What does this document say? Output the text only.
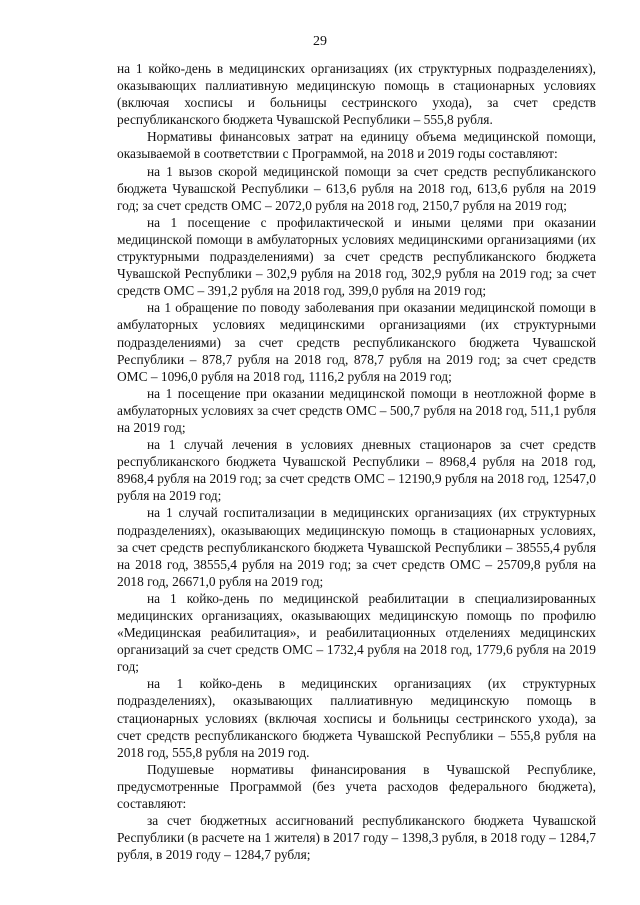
29

на 1 койко-день в медицинских организациях (их структурных подразделениях), оказывающих паллиативную медицинскую помощь в стационарных условиях (включая хосписы и больницы сестринского ухода), за счет средств республиканского бюджета Чувашской Республики – 555,8 рубля.

Нормативы финансовых затрат на единицу объема медицинской помощи, оказываемой в соответствии с Программой, на 2018 и 2019 годы составляют:

на 1 вызов скорой медицинской помощи за счет средств республиканского бюджета Чувашской Республики – 613,6 рубля на 2018 год, 613,6 рубля на 2019 год; за счет средств ОМС – 2072,0 рубля на 2018 год, 2150,7 рубля на 2019 год;

на 1 посещение с профилактической и иными целями при оказании медицинской помощи в амбулаторных условиях медицинскими организациями (их структурными подразделениями) за счет средств республиканского бюджета Чувашской Республики – 302,9 рубля на 2018 год, 302,9 рубля на 2019 год; за счет средств ОМС – 391,2 рубля на 2018 год, 399,0 рубля на 2019 год;

на 1 обращение по поводу заболевания при оказании медицинской помощи в амбулаторных условиях медицинскими организациями (их структурными подразделениями) за счет средств республиканского бюджета Чувашской Республики – 878,7 рубля на 2018 год, 878,7 рубля на 2019 год; за счет средств ОМС – 1096,0 рубля на 2018 год, 1116,2 рубля на 2019 год;

на 1 посещение при оказании медицинской помощи в неотложной форме в амбулаторных условиях за счет средств ОМС – 500,7 рубля на 2018 год, 511,1 рубля на 2019 год;

на 1 случай лечения в условиях дневных стационаров за счет средств республиканского бюджета Чувашской Республики – 8968,4 рубля на 2018 год, 8968,4 рубля на 2019 год; за счет средств ОМС – 12190,9 рубля на 2018 год, 12547,0 рубля на 2019 год;

на 1 случай госпитализации в медицинских организациях (их структурных подразделениях), оказывающих медицинскую помощь в стационарных условиях, за счет средств республиканского бюджета Чувашской Республики – 38555,4 рубля на 2018 год, 38555,4 рубля на 2019 год; за счет средств ОМС – 25709,8 рубля на 2018 год, 26671,0 рубля на 2019 год;

на 1 койко-день по медицинской реабилитации в специализированных медицинских организациях, оказывающих медицинскую помощь по профилю «Медицинская реабилитация», и реабилитационных отделениях медицинских организаций за счет средств ОМС – 1732,4 рубля на 2018 год, 1779,6 рубля на 2019 год;

на 1 койко-день в медицинских организациях (их структурных подразделениях), оказывающих паллиативную медицинскую помощь в стационарных условиях (включая хосписы и больницы сестринского ухода), за счет средств республиканского бюджета Чувашской Республики – 555,8 рубля на 2018 год, 555,8 рубля на 2019 год.

Подушевые нормативы финансирования в Чувашской Республике, предусмотренные Программой (без учета расходов федерального бюджета), составляют:

за счет бюджетных ассигнований республиканского бюджета Чувашской Республики (в расчете на 1 жителя) в 2017 году – 1398,3 рубля, в 2018 году – 1284,7 рубля, в 2019 году – 1284,7 рубля;
